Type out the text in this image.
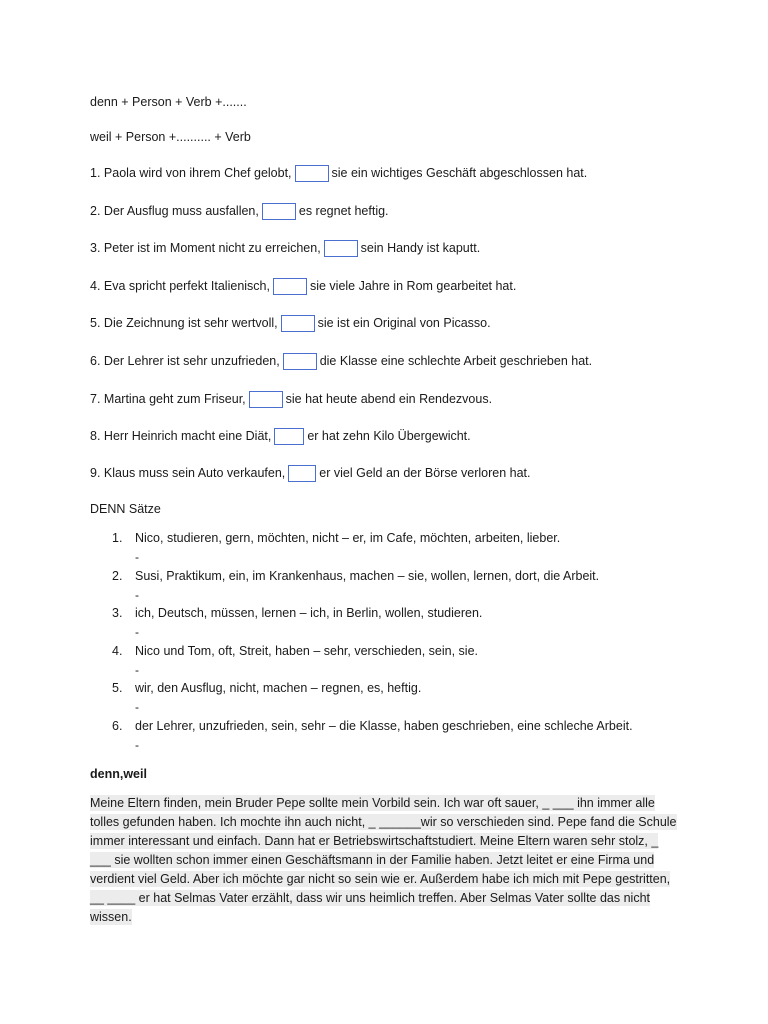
denn + Person + Verb +.......
weil + Person +.......... + Verb
1. Paola wird von ihrem Chef gelobt,	sie ein wichtiges Geschäft abgeschlossen hat.
2. Der Ausflug muss ausfallen,	es regnet heftig.
3. Peter ist im Moment nicht zu erreichen,	sein Handy ist kaputt.
4. Eva spricht perfekt Italienisch,	sie viele Jahre in Rom gearbeitet hat.
5. Die Zeichnung ist sehr wertvoll,	sie ist ein Original von Picasso.
6. Der Lehrer ist sehr unzufrieden,	die Klasse eine schlechte Arbeit geschrieben hat.
7. Martina geht zum Friseur,	sie hat heute abend ein Rendezvous.
8. Herr Heinrich macht eine Diät,	er hat zehn Kilo Übergewicht.
9. Klaus muss sein Auto verkaufen,	er viel Geld an der Börse verloren hat.
DENN Sätze
1. Nico, studieren, gern, möchten, nicht – er, im Cafe, möchten, arbeiten, lieber.
-
2. Susi, Praktikum, ein, im Krankenhaus, machen – sie, wollen, lernen, dort, die Arbeit.
-
3. ich, Deutsch, müssen, lernen – ich, in Berlin, wollen, studieren.
-
4. Nico und Tom, oft, Streit, haben – sehr, verschieden, sein, sie.
-
5. wir, den Ausflug, nicht, machen – regnen, es, heftig.
-
6. der Lehrer, unzufrieden, sein, sehr – die Klasse, haben geschrieben, eine schleche Arbeit.
-
denn,weil
Meine Eltern finden, mein Bruder Pepe sollte mein Vorbild sein. Ich war oft sauer, _ ___ ihn immer alle tolles gefunden haben. Ich mochte ihn auch nicht, _ ______wir so verschieden sind. Pepe fand die Schule immer interessant und einfach. Dann hat er Betriebswirtschaftstudiert. Meine Eltern waren sehr stolz, _ ___ sie wollten schon immer einen Geschäftsmann in der Familie haben. Jetzt leitet er eine Firma und verdient viel Geld. Aber ich möchte gar nicht so sein wie er. Außerdem habe ich mich mit Pepe gestritten, __ ____ er hat Selmas Vater erzählt, dass wir uns heimlich treffen. Aber Selmas Vater sollte das nicht wissen.
